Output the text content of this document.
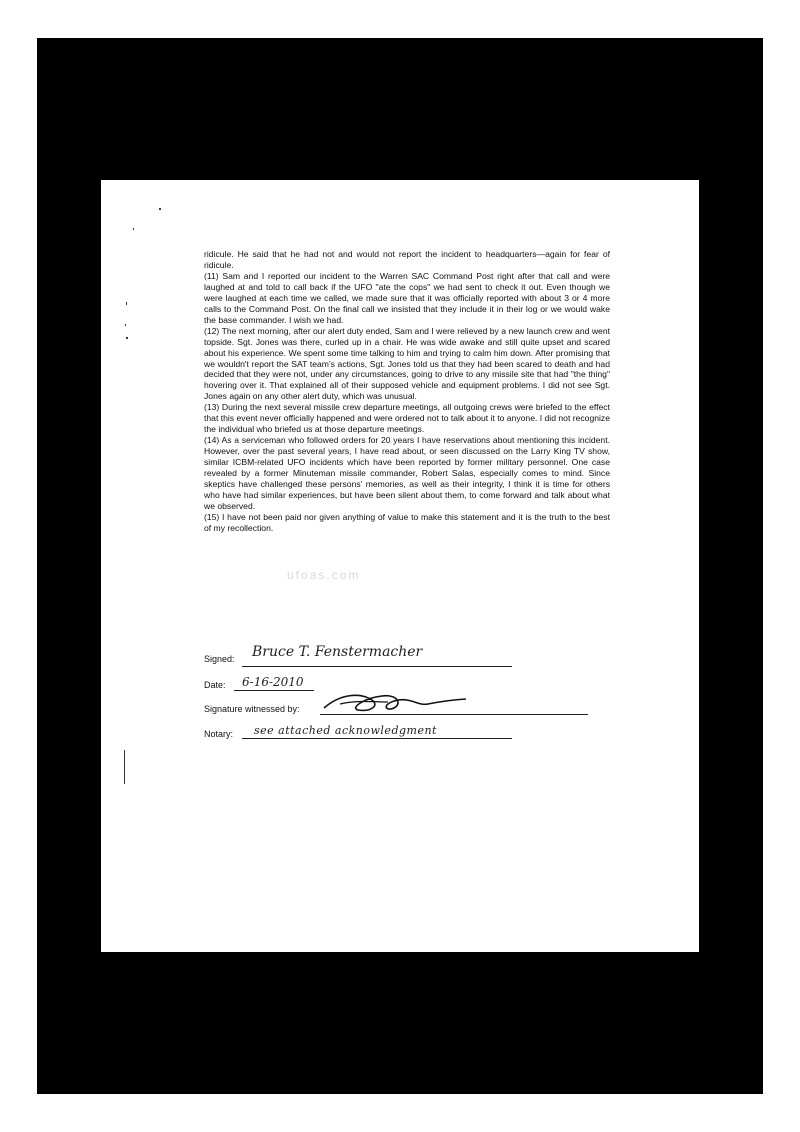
ridicule. He said that he had not and would not report the incident to headquarters—again for fear of ridicule.

(11) Sam and I reported our incident to the Warren SAC Command Post right after that call and were laughed at and told to call back if the UFO "ate the cops" we had sent to check it out. Even though we were laughed at each time we called, we made sure that it was officially reported with about 3 or 4 more calls to the Command Post. On the final call we insisted that they include it in their log or we would wake the base commander. I wish we had.

(12) The next morning, after our alert duty ended, Sam and I were relieved by a new launch crew and went topside. Sgt. Jones was there, curled up in a chair. He was wide awake and still quite upset and scared about his experience. We spent some time talking to him and trying to calm him down. After promising that we wouldn't report the SAT team's actions, Sgt. Jones told us that they had been scared to death and had decided that they were not, under any circumstances, going to drive to any missile site that had "the thing" hovering over it. That explained all of their supposed vehicle and equipment problems. I did not see Sgt. Jones again on any other alert duty, which was unusual.

(13) During the next several missile crew departure meetings, all outgoing crews were briefed to the effect that this event never officially happened and were ordered not to talk about it to anyone. I did not recognize the individual who briefed us at those departure meetings.

(14) As a serviceman who followed orders for 20 years I have reservations about mentioning this incident. However, over the past several years, I have read about, or seen discussed on the Larry King TV show, similar ICBM-related UFO incidents which have been reported by former military personnel. One case revealed by a former Minuteman missile commander, Robert Salas, especially comes to mind. Since skeptics have challenged these persons' memories, as well as their integrity, I think it is time for others who have had similar experiences, but have been silent about them, to come forward and talk about what we observed.

(15) I have not been paid nor given anything of value to make this statement and it is the truth to the best of my recollection.

ufoas.com
Signed: Bruce T. Fenstermacher
Date: 6-16-2010
Signature witnessed by:
Notary: see attached acknowledgment
